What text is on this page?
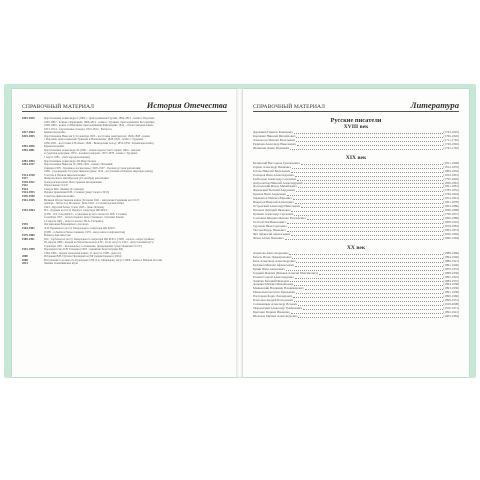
СПРАВОЧНЫЙ МАТЕРИАЛ	История Отечества
1801-1825	Царствование Александра I (1801) - присоединение Грузии; 1804-1813 - война с Персией;
1805-1807 - войны с Францией; 1806-1812 - война с Турцией, присоединение Бессарабии;
1808-1809 - война со Швецией, присоединение Финляндии; 1812 - Отечественная война;
1813-1814 - заграничные походы; 1815-1814 - Ватерлоо
1817-1864	Кавказская война
1825-1855	Царствование Николая I (14 декабря 1825 - восстание декабристов; 1826-1828 - война
с Персией, присоединение Эривани и Нахичевани; 1828-1829 - война с Турцией;
1830-1831 - восстание в Польше; 1849 - Венгерский поход; 1853-1856 - Крымская война)
1853-1856	Крымская война
1855-1881	Царствование Александра II (1861 - отмена крепостного права; 1864 - земская
и судебная реформы; 1874 - военная реформа; 1877-1878 - война с Турцией;
1 марта 1881 - убит народовольцами)
1881-1894	Царствование Александра III Миротворца
1894-1917	Царствование Николая II (1904-1905 - война с Японией;
9 января 1905 - Кровавое воскресенье; 1905-1907 - Первая русская революция;
1906 - учреждение Государственной думы; 1914 - вступление в Первую мировую войну)
1914-1918	Участие в Первой мировой войне
1917	Февральская и Октябрьская (25 октября) революции
1918-1922	Гражданская война. Иностранная интервенция
1922	Образование СССР
1924	Смерть В.И. Ленина (21 января)
1924-1953	Период правления И.В. Сталина (умер 5 марта 1953)
1939-1940	Советско-финская война
1941-1945	Великая Отечественная война (22 июня 1941 - нападение Германии на СССР;
декабрь - битва под Москвой; 1942-1943 - Сталинградская битва;
1943 - Курская битва; 9 мая 1945 - День Победы)
1953-1964	Н.С. Хрущев на посту Первого секретаря ЦК КПСС
(1956 - XX съезд КПСС, осуждение культа личности И.В. Сталина;
4 октября 1957 - запуск первого искусственного спутника Земли;
12 апреля 1961 - полет в космос Ю.А. Гагарина)
1955	Организация Варшавского договора
1964-1982	Л.И. Брежнев на посту Генерального секретаря ЦК КПСС
(1968 - события в Чехословакии; 1979 - ввод войск в Афганистан)
1979-1989	Война в Афганистане
1985-1991	М.С. Горбачев на посту Генерального секретаря ЦК КПСС (1985 - начало «перестройки»;
26 апреля 1986 - авария на Чернобыльской АЭС; 19-21 августа 1991 - августовский путч;
8 декабря 1991 - Беловежское соглашение, прекращение существования СССР)
1991-1999	Президентство Б.Н. Ельцина (1993 - принятие Конституции РФ;
1994-1996 - первая чеченская война; 17 августа 1998 - дефолт)
2000	Избрание В.В. Путина Президентом РФ (переизбрание в 2004)
2008	Вступление в должность Президента РФ Д.А. Медведева; август 2008 - война в Южной Осетии
2014	Зимние Олимпийские игры
СПРАВОЧНЫЙ МАТЕРИАЛ	Литература
Русские писатели
XVIII век
Державин Гаврила Романович	(1743-1816)
Карамзин Николай Михайлович	(1766-1826)
Ломоносов Михаил Васильевич	(1711-1765)
Радищев Александр Николаевич	(1749-1802)
Фонвизин Денис Иванович	(1745-1792)
XIX век
Белинский Виссарион Григорьевич	(1811-1848)
Герцен Александр Иванович	(1812-1870)
Гоголь Николай Васильевич	(1809-1852)
Гончаров Иван Александрович	(1812-1891)
Грибоедов Александр Сергеевич	(1795-1829)
Добролюбов Николай Александрович	(1836-1861)
Достоевский Федор Михайлович	(1821-1881)
Жуковский Василий Андреевич	(1783-1852)
Крылов Иван Андреевич	(1769-1844)
Лермонтов Михаил Юрьевич	(1814-1841)
Некрасов Николай Алексеевич	(1821-1878)
Островский Александр Николаевич	(1823-1886)
Писарев Дмитрий Иванович	(1840-1868)
Пушкин Александр Сергеевич	(1799-1837)
Салтыков-Щедрин Михаил Евграфович	(1826-1889)
Толстой Лев Николаевич	(1828-1910)
Тургенев Иван Сергеевич	(1818-1883)
Тютчев Федор Иванович	(1803-1873)
Фет Афанасий Афанасьевич	(1820-1892)
Чехов Антон Павлович	(1860-1904)
XX век
Ахматова Анна Андреевна	(1889-1966)
Бабель Исаак Эммануилович	(1894-1940)
Блок Александр Александрович	(1880-1921)
Булгаков Михаил Афанасьевич	(1891-1940)
Бунин Иван Алексеевич	(1870-1953)
Горький Максим (Пешков Алексей Максимович)	(1868-1936)
Есенин Сергей Александрович	(1895-1925)
Замятин Евгений Иванович	(1884-1937)
Зощенко Михаил Михайлович	(1894-1958)
Маяковский Владимир Владимирович	(1893-1930)
Мандельштам Осип Эмильевич	(1891-1938)
Пастернак Борис Леонидович	(1890-1960)
Платонов Андрей Платонович	(1899-1951)
Солженицын Александр Исаевич	(1918-2008)
Твардовский Александр Трифонович	(1910-1971)
Цветаева Марина Ивановна	(1892-1941)
Шолохов Михаил Александрович	(1905-1984)
